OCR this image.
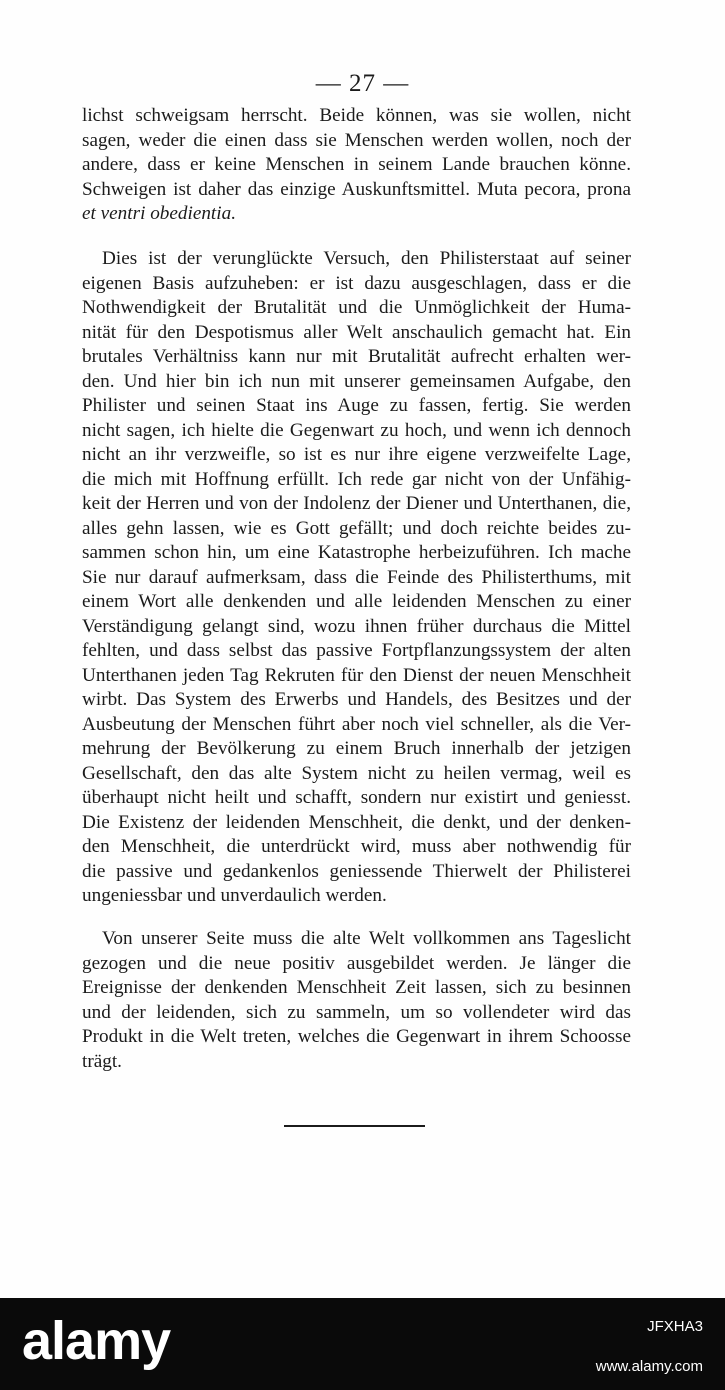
— 27 —
lichst schweigsam herrscht. Beide können, was sie wollen, nicht
sagen, weder die einen dass sie Menschen werden wollen, noch der
andere, dass er keine Menschen in seinem Lande brauchen könne.
Schweigen ist daher das einzige Auskunftsmittel. Muta pecora, prona
et ventri obedientia.
Dies ist der verunglückte Versuch, den Philisterstaat auf seiner
eigenen Basis aufzuheben: er ist dazu ausgeschlagen, dass er die
Nothwendigkeit der Brutalität und die Unmöglichkeit der Huma-
nität für den Despotismus aller Welt anschaulich gemacht hat. Ein
brutales Verhältniss kann nur mit Brutalität aufrecht erhalten wer-
den. Und hier bin ich nun mit unserer gemeinsamen Aufgabe, den
Philister und seinen Staat ins Auge zu fassen, fertig. Sie werden
nicht sagen, ich hielte die Gegenwart zu hoch, und wenn ich dennoch
nicht an ihr verzweifle, so ist es nur ihre eigene verzweifelte Lage,
die mich mit Hoffnung erfüllt. Ich rede gar nicht von der Unfähig-
keit der Herren und von der Indolenz der Diener und Unterthanen, die,
alles gehn lassen, wie es Gott gefällt; und doch reichte beides zu-
sammen schon hin, um eine Katastrophe herbeizuführen. Ich mache
Sie nur darauf aufmerksam, dass die Feinde des Philisterthums, mit
einem Wort alle denkenden und alle leidenden Menschen zu einer
Verständigung gelangt sind, wozu ihnen früher durchaus die Mittel
fehlten, und dass selbst das passive Fortpflanzungssystem der alten
Unterthanen jeden Tag Rekruten für den Dienst der neuen Menschheit
wirbt. Das System des Erwerbs und Handels, des Besitzes und der
Ausbeutung der Menschen führt aber noch viel schneller, als die Ver-
mehrung der Bevölkerung zu einem Bruch innerhalb der jetzigen
Gesellschaft, den das alte System nicht zu heilen vermag, weil es
überhaupt nicht heilt und schafft, sondern nur existirt und geniesst.
Die Existenz der leidenden Menschheit, die denkt, und der denken-
den Menschheit, die unterdrückt wird, muss aber nothwendig für
die passive und gedankenlos geniessende Thierwelt der Philisterei
ungeniessbar und unverdaulich werden.
Von unserer Seite muss die alte Welt vollkommen ans Tageslicht
gezogen und die neue positiv ausgebildet werden. Je länger die
Ereignisse der denkenden Menschheit Zeit lassen, sich zu besinnen
und der leidenden, sich zu sammeln, um so vollendeter wird das
Produkt in die Welt treten, welches die Gegenwart in ihrem Schoosse
trägt.
alamy	JFXHA3
www.alamy.com
